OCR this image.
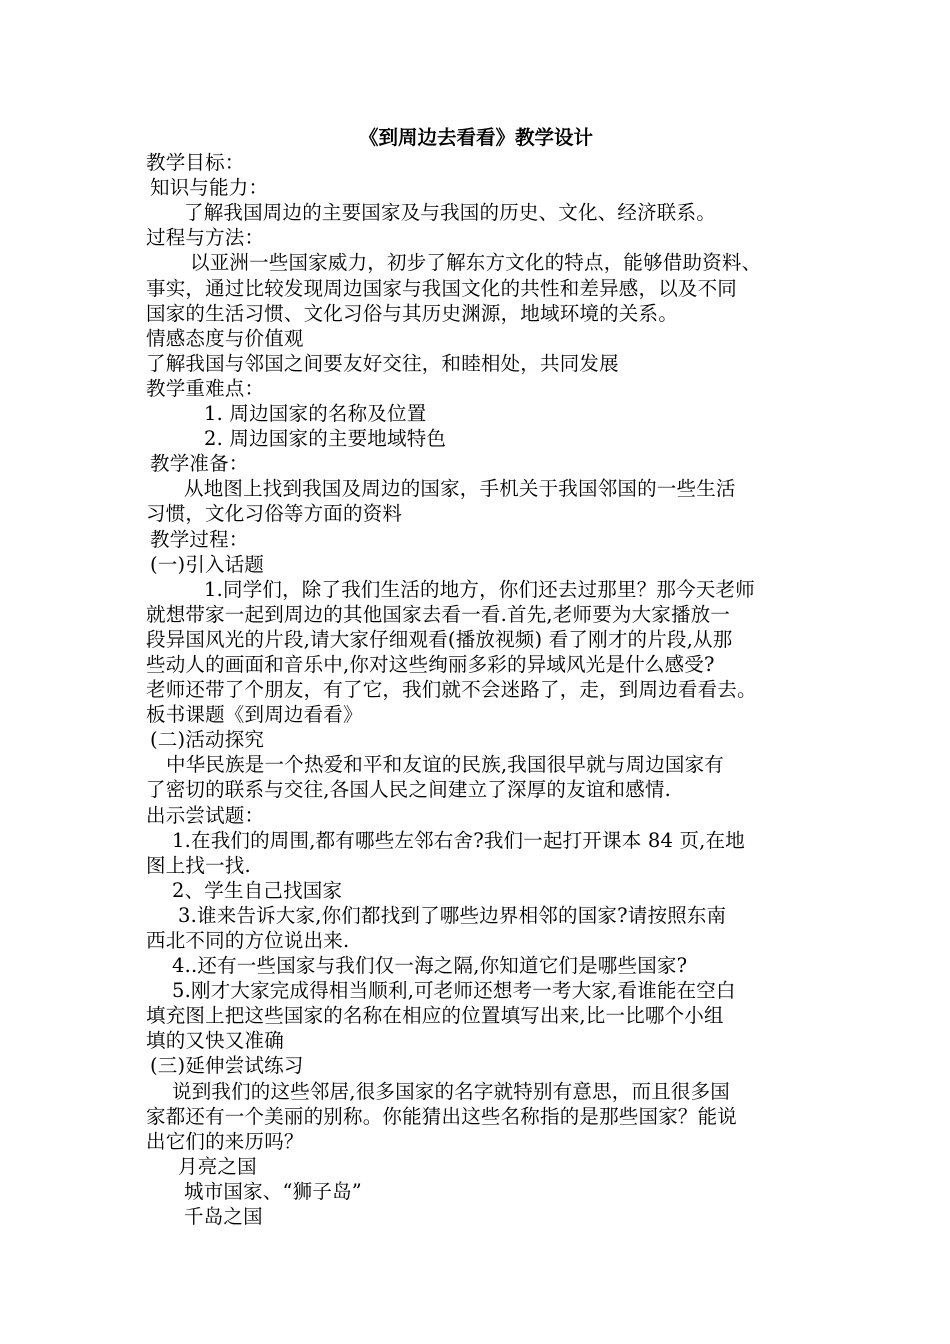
《到周边去看看》教学设计
教学目标：
知识与能力：
了解我国周边的主要国家及与我国的历史、文化、经济联系。
过程与方法：
以亚洲一些国家威力，初步了解东方文化的特点，能够借助资料、
事实，通过比较发现周边国家与我国文化的共性和差异感，以及不同
国家的生活习惯、文化习俗与其历史渊源，地域环境的关系。
情感态度与价值观
了解我国与邻国之间要友好交往，和睦相处，共同发展
教学重难点：
1. 周边国家的名称及位置
2. 周边国家的主要地域特色
教学准备：
从地图上找到我国及周边的国家，手机关于我国邻国的一些生活
习惯，文化习俗等方面的资料
教学过程：
(一)引入话题
1.同学们，除了我们生活的地方，你们还去过那里？那今天老师
就想带家一起到周边的其他国家去看一看.首先,老师要为大家播放一
段异国风光的片段,请大家仔细观看(播放视频) 看了刚才的片段,从那
些动人的画面和音乐中,你对这些绚丽多彩的异域风光是什么感受?
老师还带了个朋友，有了它，我们就不会迷路了，走，到周边看看去。
板书课题《到周边看看》
(二)活动探究
中华民族是一个热爱和平和友谊的民族,我国很早就与周边国家有
了密切的联系与交往,各国人民之间建立了深厚的友谊和感情.
出示尝试题：
1.在我们的周围,都有哪些左邻右舍?我们一起打开课本 84 页,在地
图上找一找.
2、学生自己找国家
3.谁来告诉大家,你们都找到了哪些边界相邻的国家?请按照东南
西北不同的方位说出来.
4..还有一些国家与我们仅一海之隔,你知道它们是哪些国家?
5.刚才大家完成得相当顺利,可老师还想考一考大家,看谁能在空白
填充图上把这些国家的名称在相应的位置填写出来,比一比哪个小组
填的又快又准确
(三)延伸尝试练习
说到我们的这些邻居,很多国家的名字就特别有意思，而且很多国
家都还有一个美丽的别称。你能猜出这些名称指的是那些国家？能说
出它们的来历吗？
月亮之国
城市国家、“狮子岛”
千岛之国
